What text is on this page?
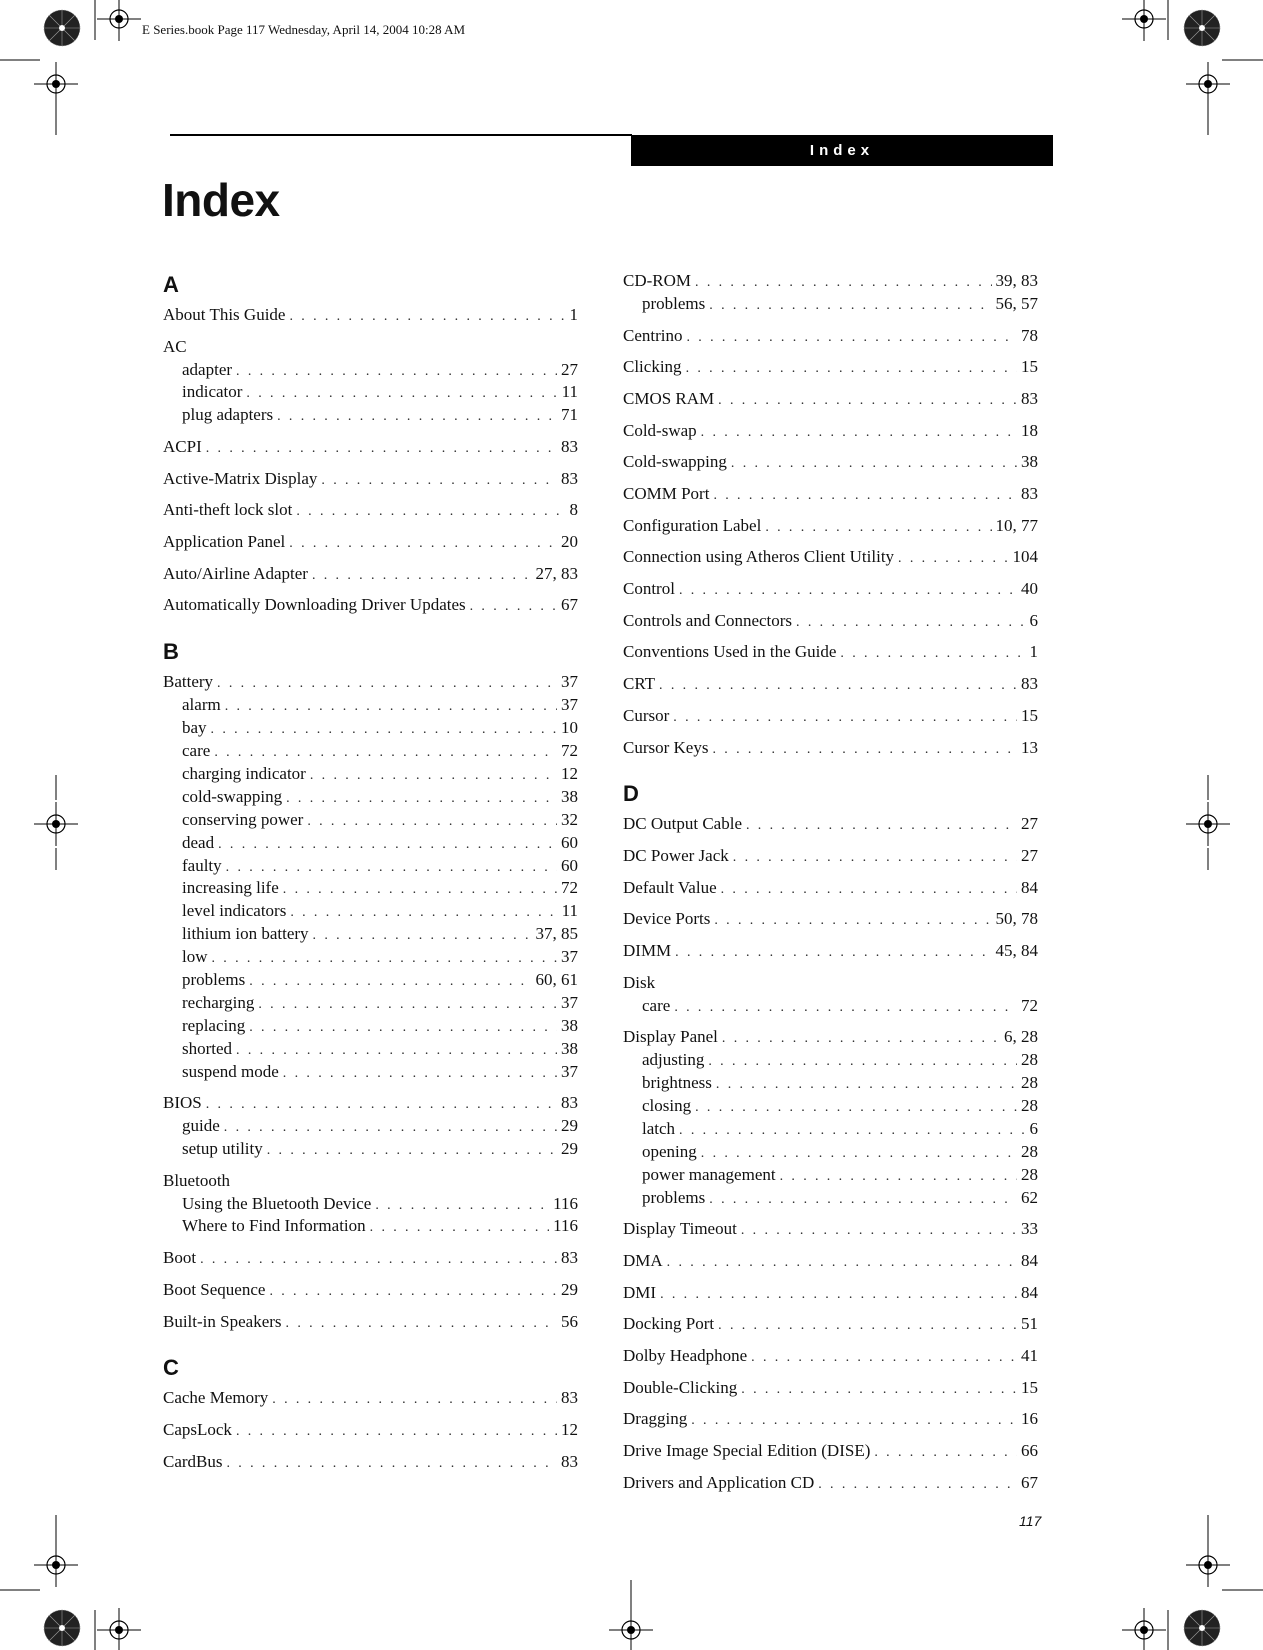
E Series.book Page 117 Wednesday, April 14, 2004 10:28 AM
Index
Index
A
About This Guide . . .	1
AC
adapter . . .	27
indicator . . .	11
plug adapters . . .	71
ACPI . . .	83
Active-Matrix Display . . .	83
Anti-theft lock slot . . .	8
Application Panel . . .	20
Auto/Airline Adapter . . .	27, 83
Automatically Downloading Driver Updates . . .	67
B
Battery . . .	37
alarm . . .	37
bay . . .	10
care . . .	72
charging indicator . . .	12
cold-swapping . . .	38
conserving power . . .	32
dead . . .	60
faulty . . .	60
increasing life . . .	72
level indicators . . .	11
lithium ion battery . . .	37, 85
low . . .	37
problems . . .	60, 61
recharging . . .	37
replacing . . .	38
shorted . . .	38
suspend mode . . .	37
BIOS . . .	83
guide . . .	29
setup utility . . .	29
Bluetooth
Using the Bluetooth Device . . .	116
Where to Find Information . . .	116
Boot . . .	83
Boot Sequence . . .	29
Built-in Speakers . . .	56
C
Cache Memory . . .	83
CapsLock . . .	12
CardBus . . .	83
CD-ROM . . .	39, 83
problems . . .	56, 57
Centrino . . .	78
Clicking . . .	15
CMOS RAM . . .	83
Cold-swap . . .	18
Cold-swapping . . .	38
COMM Port . . .	83
Configuration Label . . .	10, 77
Connection using Atheros Client Utility . . .	104
Control . . .	40
Controls and Connectors . . .	6
Conventions Used in the Guide . . .	1
CRT . . .	83
Cursor . . .	15
Cursor Keys . . .	13
D
DC Output Cable . . .	27
DC Power Jack . . .	27
Default Value . . .	84
Device Ports . . .	50, 78
DIMM . . .	45, 84
Disk
care . . .	72
Display Panel . . .	6, 28
adjusting . . .	28
brightness . . .	28
closing . . .	28
latch . . .	6
opening . . .	28
power management . . .	28
problems . . .	62
Display Timeout . . .	33
DMA . . .	84
DMI . . .	84
Docking Port . . .	51
Dolby Headphone . . .	41
Double-Clicking . . .	15
Dragging . . .	16
Drive Image Special Edition (DISE) . . .	66
Drivers and Application CD . . .	67
117
